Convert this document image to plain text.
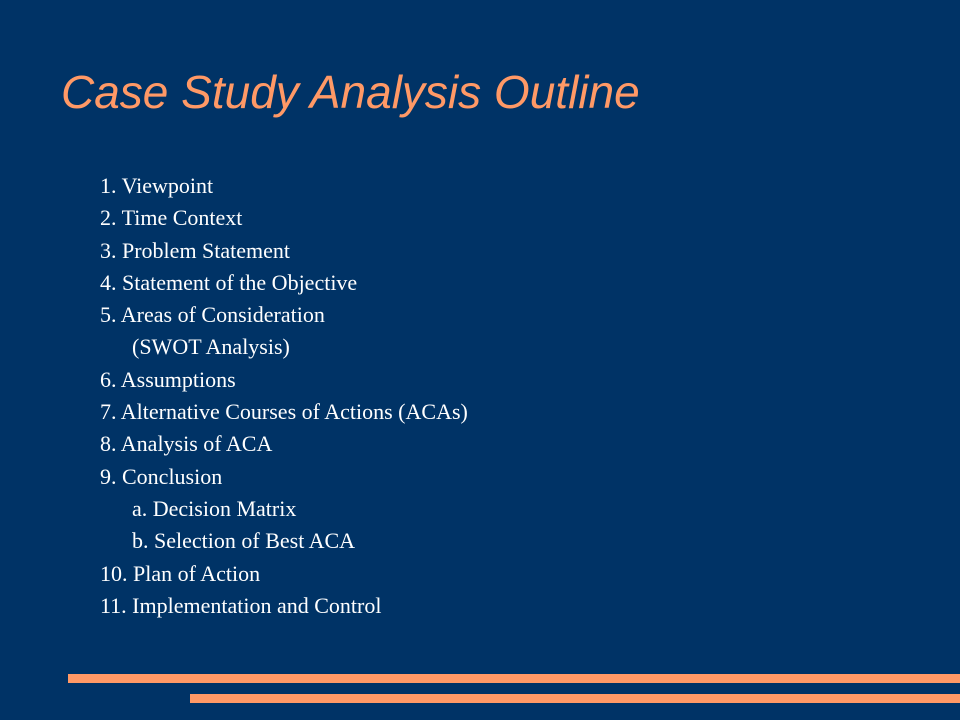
Case Study Analysis Outline
1. Viewpoint
2. Time Context
3. Problem Statement
4. Statement of the Objective
5. Areas of Consideration
(SWOT Analysis)
6. Assumptions
7. Alternative Courses of Actions (ACAs)
8. Analysis of ACA
9. Conclusion
a. Decision Matrix
b. Selection of Best ACA
10. Plan of Action
11. Implementation and Control
